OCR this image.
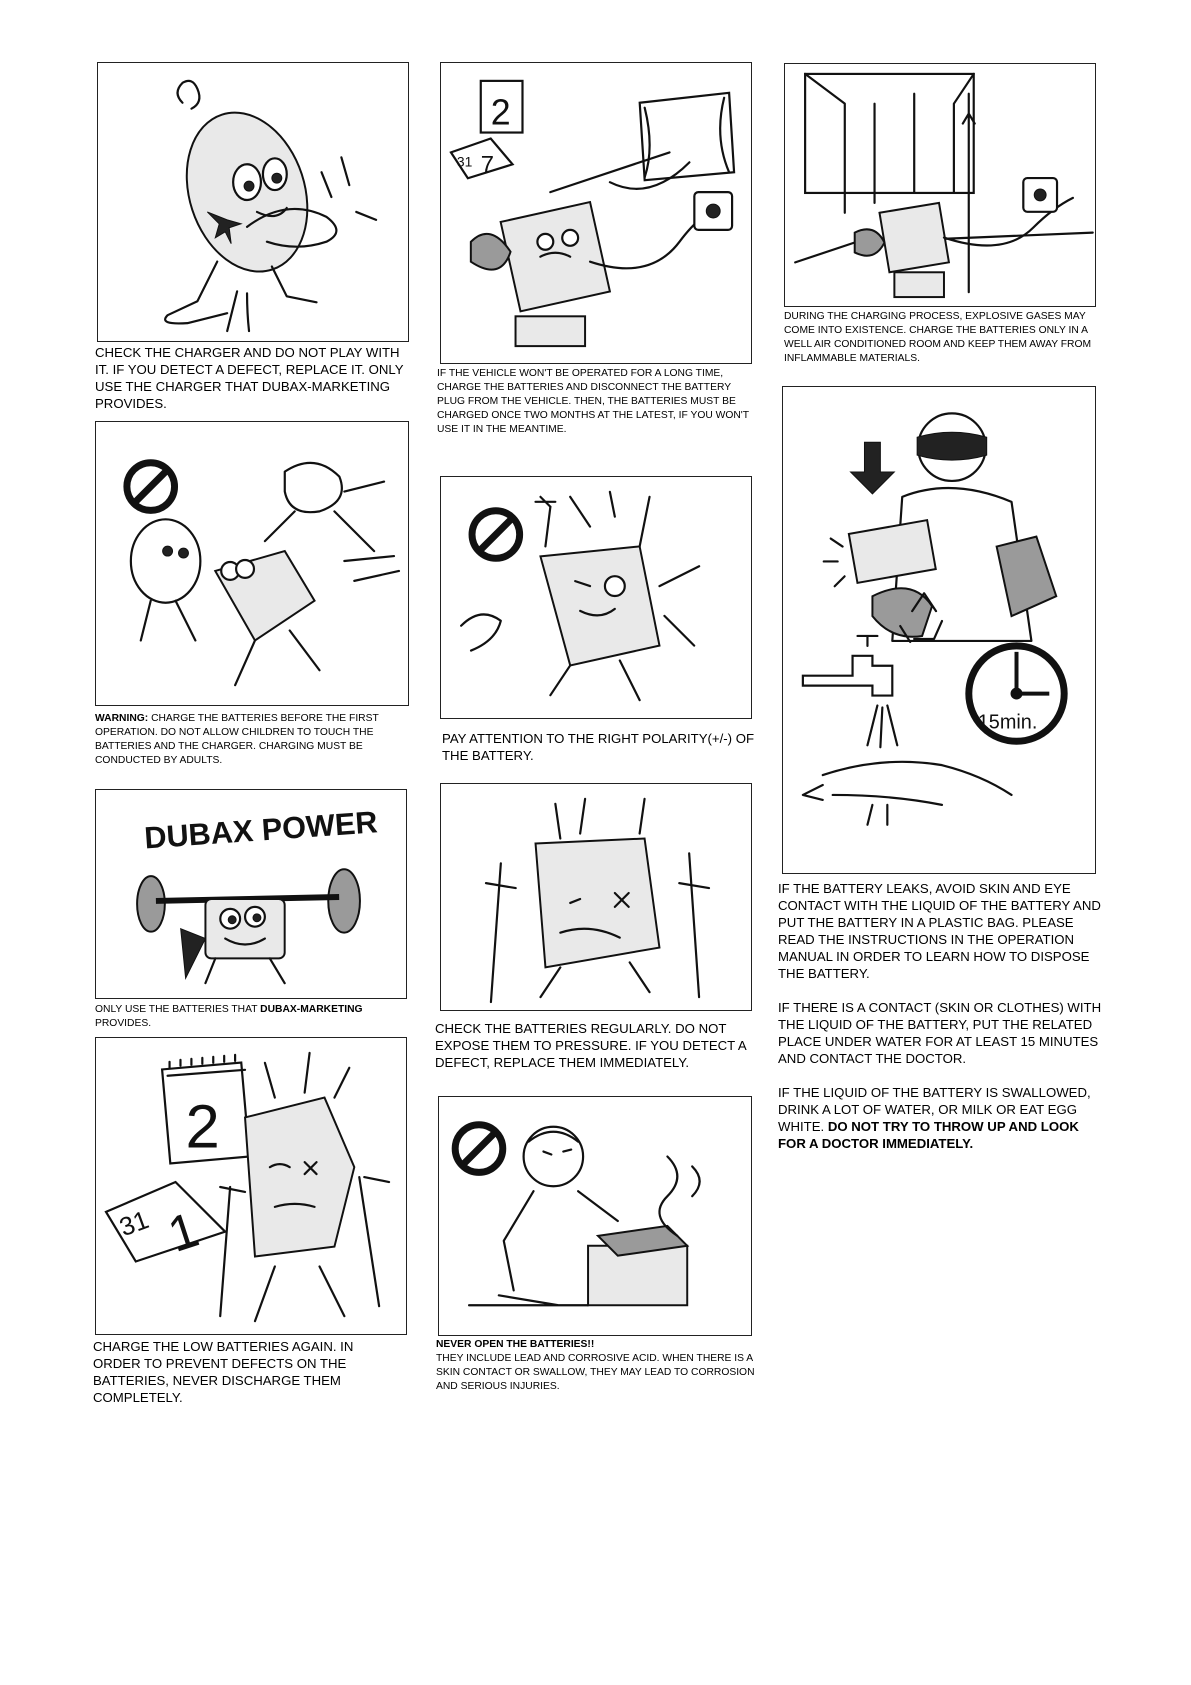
CHECK THE CHARGER AND DO NOT PLAY WITH IT. IF YOU DETECT A DEFECT, REPLACE IT. ONLY USE THE CHARGER THAT DUBAX-MARKETING PROVIDES.
WARNING: CHARGE THE BATTERIES BEFORE THE FIRST OPERATION. DO NOT ALLOW CHILDREN TO TOUCH THE BATTERIES AND THE CHARGER. CHARGING MUST BE CONDUCTED BY ADULTS.
DUBAX POWER
ONLY USE THE BATTERIES THAT DUBAX-MARKETING PROVIDES.
2
31 1
CHARGE THE LOW BATTERIES AGAIN. IN ORDER TO PREVENT DEFECTS ON THE BATTERIES, NEVER DISCHARGE THEM COMPLETELY.
2
31 7
IF THE VEHICLE WON'T BE OPERATED FOR A LONG TIME, CHARGE THE BATTERIES AND DISCONNECT THE BATTERY PLUG FROM THE VEHICLE. THEN, THE BATTERIES MUST BE CHARGED ONCE TWO MONTHS AT THE LATEST, IF YOU WON'T USE IT IN THE MEANTIME.
PAY ATTENTION TO THE RIGHT POLARITY(+/-) OF THE BATTERY.
CHECK THE BATTERIES REGULARLY. DO NOT EXPOSE THEM TO PRESSURE. IF YOU DETECT A DEFECT, REPLACE THEM IMMEDIATELY.
NEVER OPEN THE BATTERIES!!
THEY INCLUDE LEAD AND CORROSIVE ACID. WHEN THERE IS A SKIN CONTACT OR SWALLOW, THEY MAY LEAD TO CORROSION AND SERIOUS INJURIES.
DURING THE CHARGING PROCESS, EXPLOSIVE GASES MAY COME INTO EXISTENCE. CHARGE THE BATTERIES ONLY IN A WELL AIR CONDITIONED ROOM AND KEEP THEM AWAY FROM INFLAMMABLE MATERIALS.
15min.
IF THE BATTERY LEAKS, AVOID SKIN AND EYE CONTACT WITH THE LIQUID OF THE BATTERY AND PUT THE BATTERY IN A PLASTIC BAG. PLEASE READ THE INSTRUCTIONS IN THE OPERATION MANUAL IN ORDER TO LEARN HOW TO DISPOSE THE BATTERY.
IF THERE IS A CONTACT (SKIN OR CLOTHES) WITH THE LIQUID OF THE BATTERY, PUT THE RELATED PLACE UNDER WATER FOR AT LEAST 15 MINUTES AND CONTACT THE DOCTOR.
IF THE LIQUID OF THE BATTERY IS SWALLOWED, DRINK A LOT OF WATER, OR MILK OR EAT EGG WHITE. DO NOT TRY TO THROW UP AND LOOK FOR A DOCTOR IMMEDIATELY.
